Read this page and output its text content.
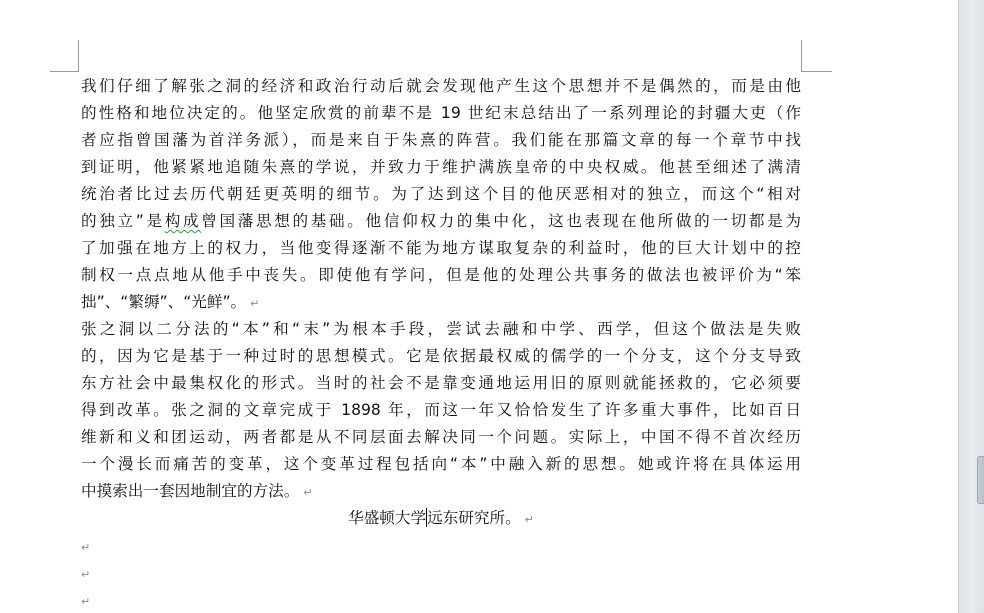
我们仔细了解张之洞的经济和政治行动后就会发现他产生这个思想并不是偶然的，而是由他
的性格和地位决定的。他坚定欣赏的前辈不是 19 世纪末总结出了一系列理论的封疆大吏（作
者应指曾国藩为首洋务派），而是来自于朱熹的阵营。我们能在那篇文章的每一个章节中找
到证明，他紧紧地追随朱熹的学说，并致力于维护满族皇帝的中央权威。他甚至细述了满清
统治者比过去历代朝廷更英明的细节。为了达到这个目的他厌恶相对的独立，而这个“相对
的独立”是构成曾国藩思想的基础。他信仰权力的集中化，这也表现在他所做的一切都是为
了加强在地方上的权力，当他变得逐渐不能为地方谋取复杂的利益时，他的巨大计划中的控
制权一点点地从他手中丧失。即使他有学问，但是他的处理公共事务的做法也被评价为“笨
拙”、“繁缛”、“光鲜”。 ↵
张之洞以二分法的“本”和“末”为根本手段，尝试去融和中学、西学，但这个做法是失败
的，因为它是基于一种过时的思想模式。它是依据最权威的儒学的一个分支，这个分支导致
东方社会中最集权化的形式。当时的社会不是靠变通地运用旧的原则就能拯救的，它必须要
得到改革。张之洞的文章完成于 1898 年，而这一年又恰恰发生了许多重大事件，比如百日
维新和义和团运动，两者都是从不同层面去解决同一个问题。实际上，中国不得不首次经历
一个漫长而痛苦的变革，这个变革过程包括向“本”中融入新的思想。她或许将在具体运用
中摸索出一套因地制宜的方法。 ↵
华盛顿大学远东研究所。 ↵
↵
↵
↵
